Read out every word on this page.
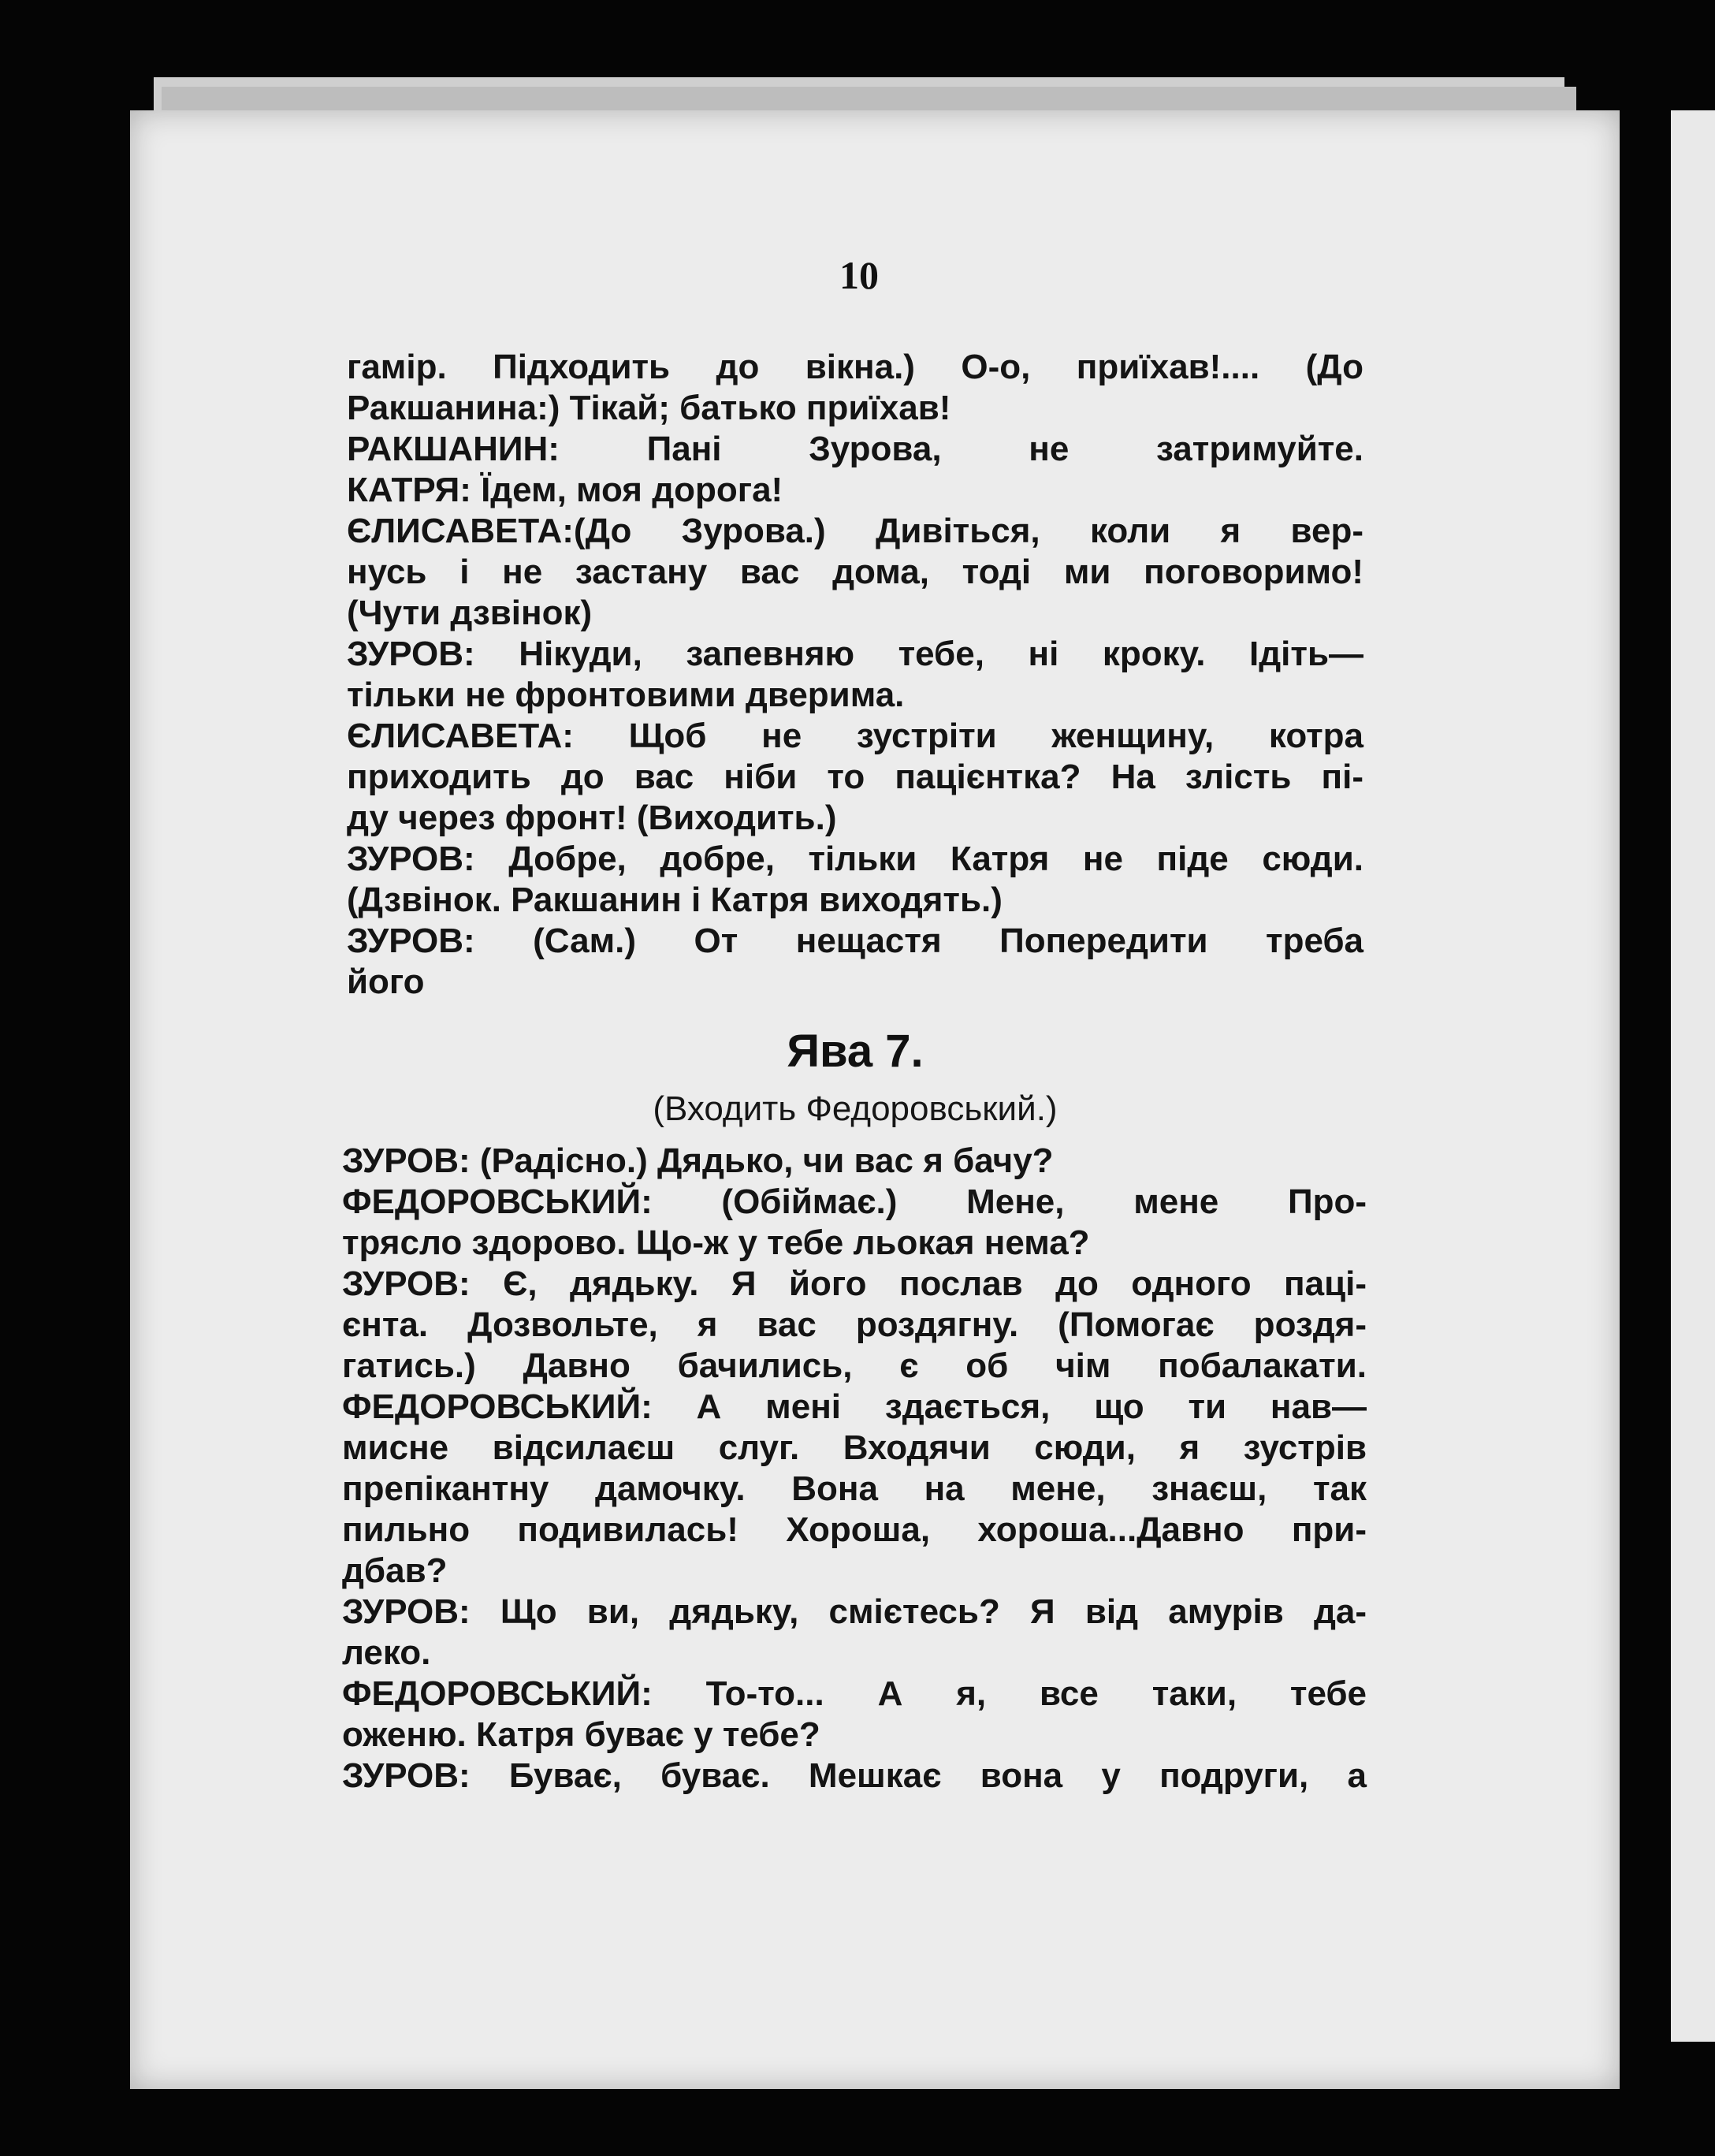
10
гамір. Підходить до вікна.) О-о, приїхав!.... (До
Ракшанина:) Тікай; батько приїхав!
РАКШАНИН: Пані Зурова, не затримуйте.
КАТРЯ: Їдем, моя дорога!
ЄЛИСАВЕТА:(До Зурова.) Дивіться, коли я вер-
нусь і не застану вас дома, тоді ми поговоримо!
(Чути дзвінок)
ЗУРОВ: Нікуди, запевняю тебе, ні кроку. Ідіть—
тільки не фронтовими дверима.
ЄЛИСАВЕТА: Щоб не зустріти женщину, котра
приходить до вас ніби то пацієнтка? На злість пі-
ду через фронт! (Виходить.)
ЗУРОВ: Добре, добре, тільки Катря не піде сюди.
(Дзвінок. Ракшанин і Катря виходять.)
ЗУРОВ: (Сам.) От нещастя Попередити треба
його
Ява 7.
(Входить Федоровський.)
ЗУРОВ: (Радісно.) Дядько, чи вас я бачу?
ФЕДОРОВСЬКИЙ: (Обіймає.) Мене, мене Про-
трясло здорово. Що-ж у тебе льокая нема?
ЗУРОВ: Є, дядьку. Я його послав до одного паці-
єнта. Дозвольте, я вас роздягну. (Помогає роздя-
гатись.) Давно бачились, є об чім побалакати.
ФЕДОРОВСЬКИЙ: А мені здається, що ти нав—
мисне відсилаєш слуг. Входячи сюди, я зустрів
препікантну дамочку. Вона на мене, знаєш, так
пильно подивилась! Хороша, хороша...Давно при-
дбав?
ЗУРОВ: Що ви, дядьку, смієтесь? Я від амурів да-
леко.
ФЕДОРОВСЬКИЙ: То-то... А я, все таки, тебе
оженю. Катря буває у тебе?
ЗУРОВ: Буває, буває. Мешкає вона у подруги, а
